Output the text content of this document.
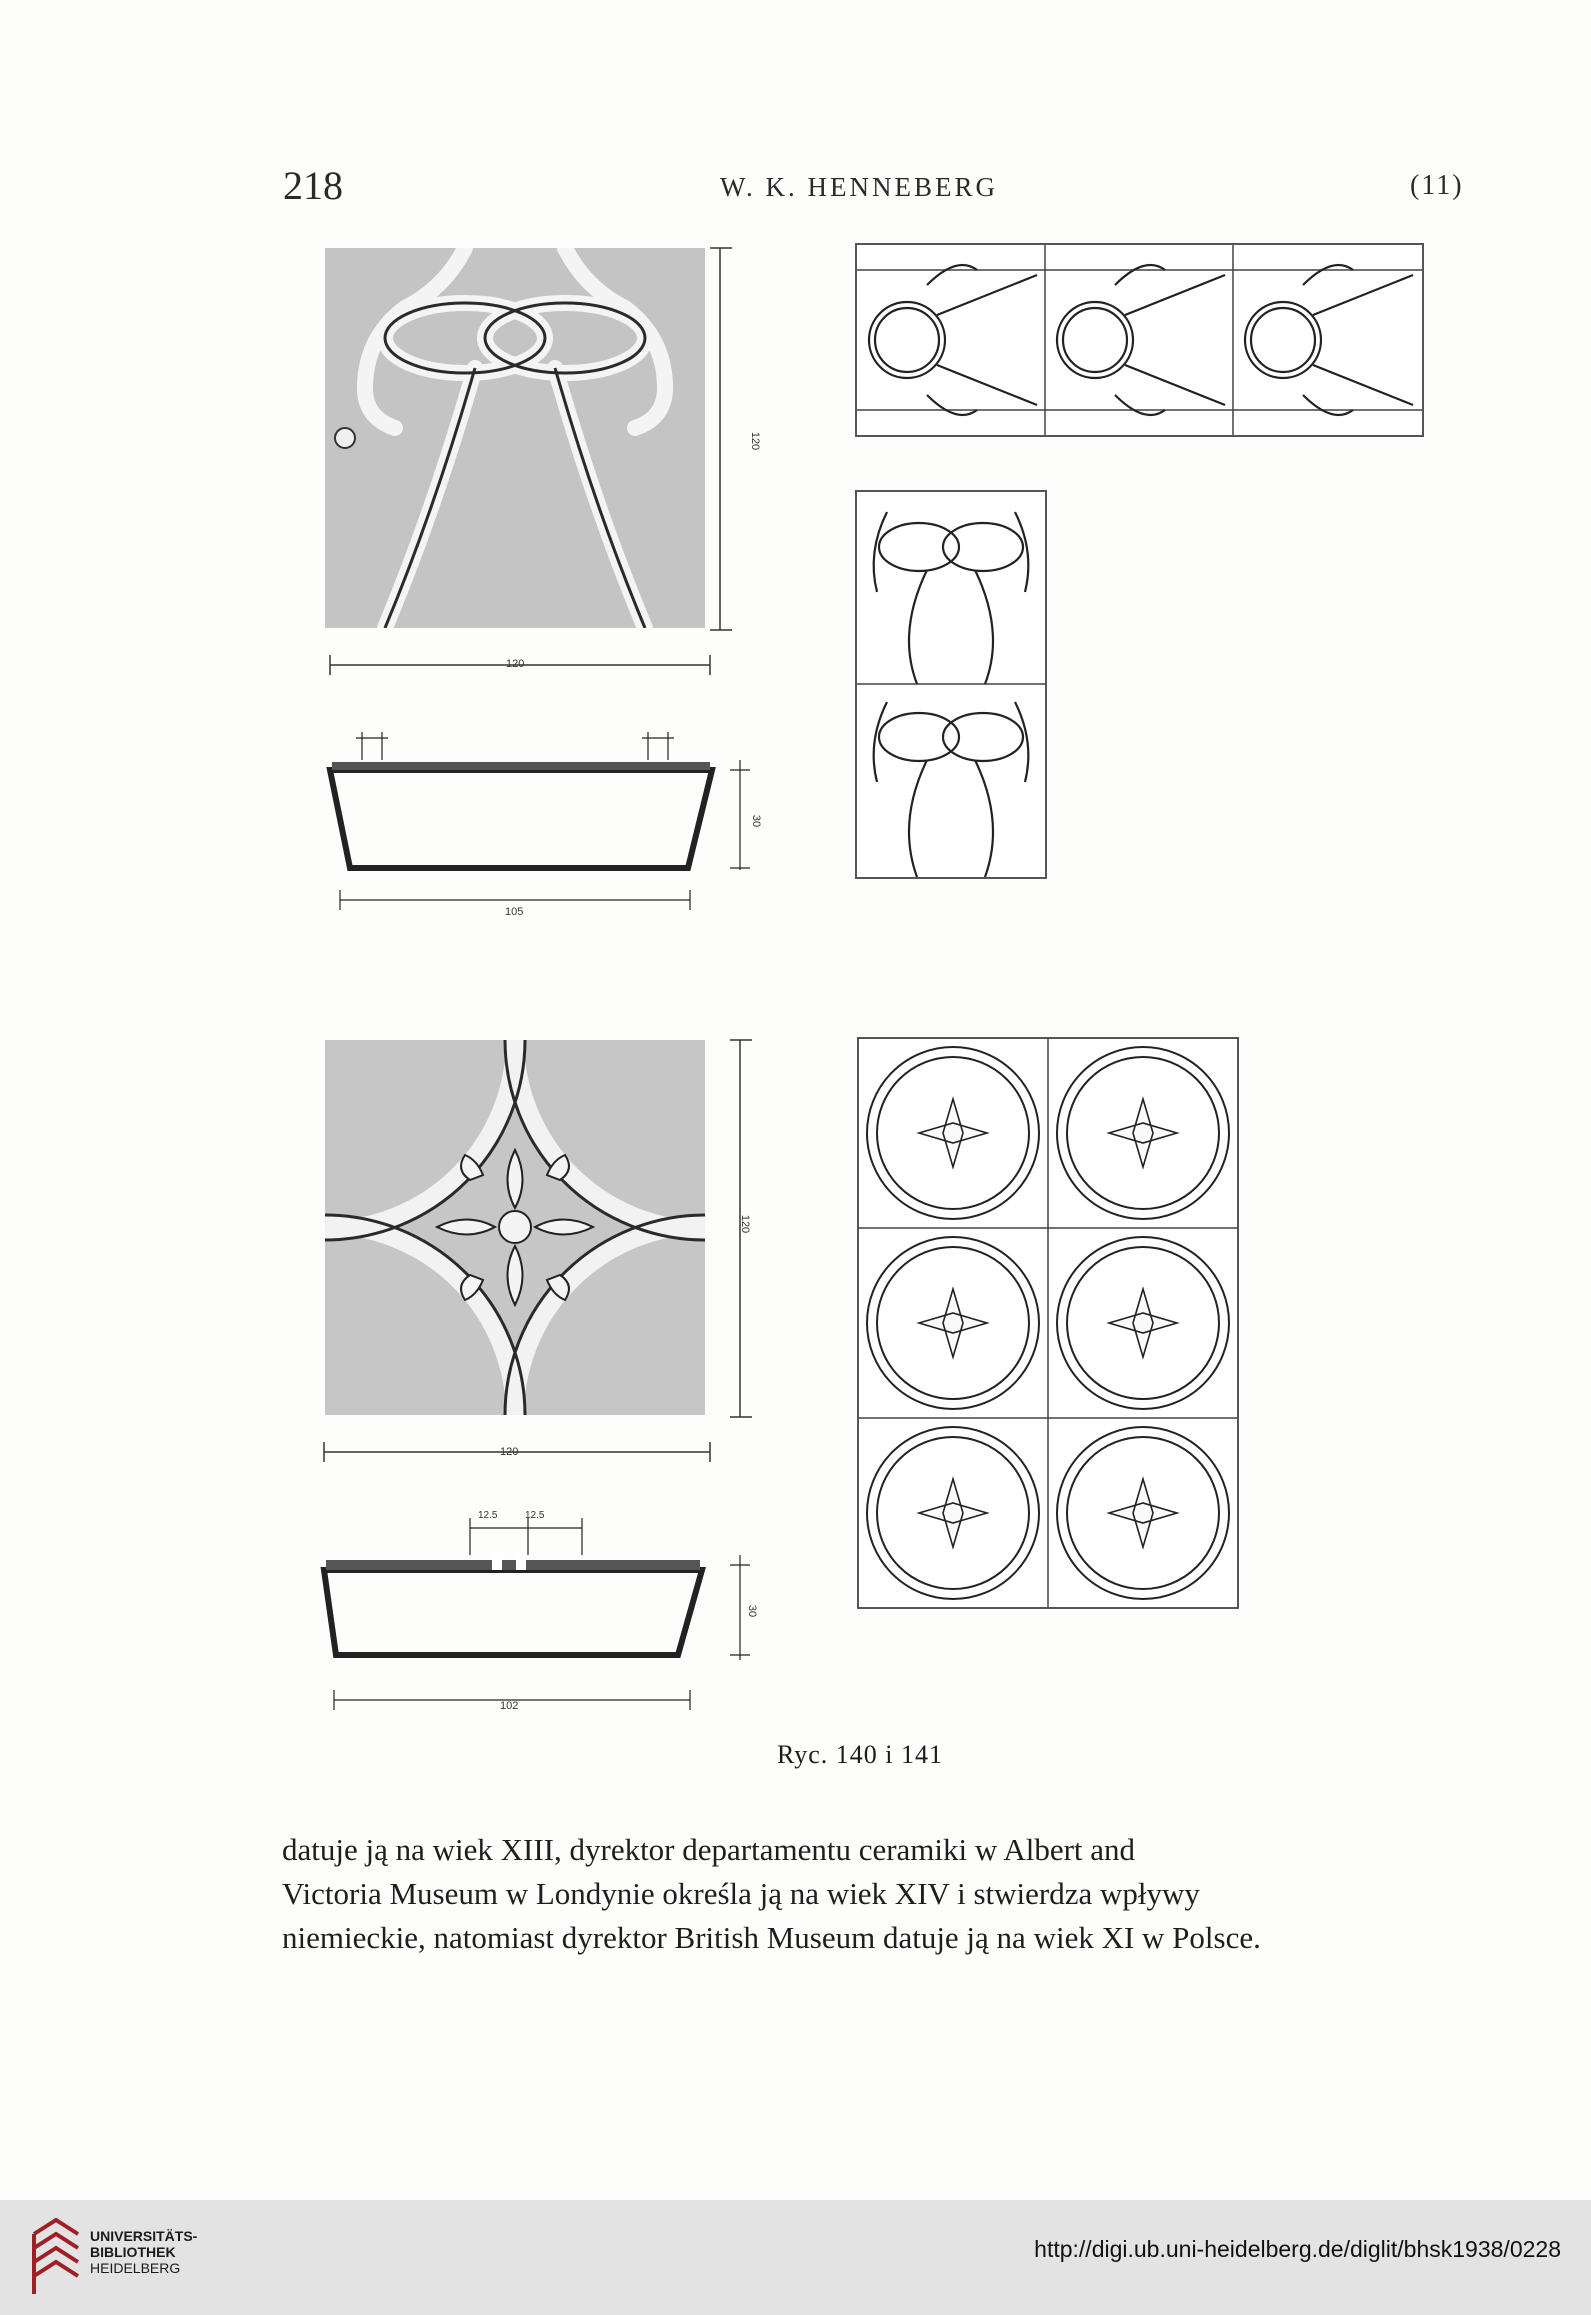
218	W. K. HENNEBERG	(11)
120
120
30
105
120
120
12.5	12.5
30
102
Ryc. 140 i 141

datuje ją na wiek XIII, dyrektor departamentu ceramiki w Albert and

Victoria Museum w Londynie określa ją na wiek XIV i stwierdza wpływy

niemieckie, natomiast dyrektor British Museum datuje ją na wiek XI w Polsce.

UNIVERSITÄTS-
BIBLIOTHEK
HEIDELBERG
http://digi.ub.uni-heidelberg.de/diglit/bhsk1938/0228
